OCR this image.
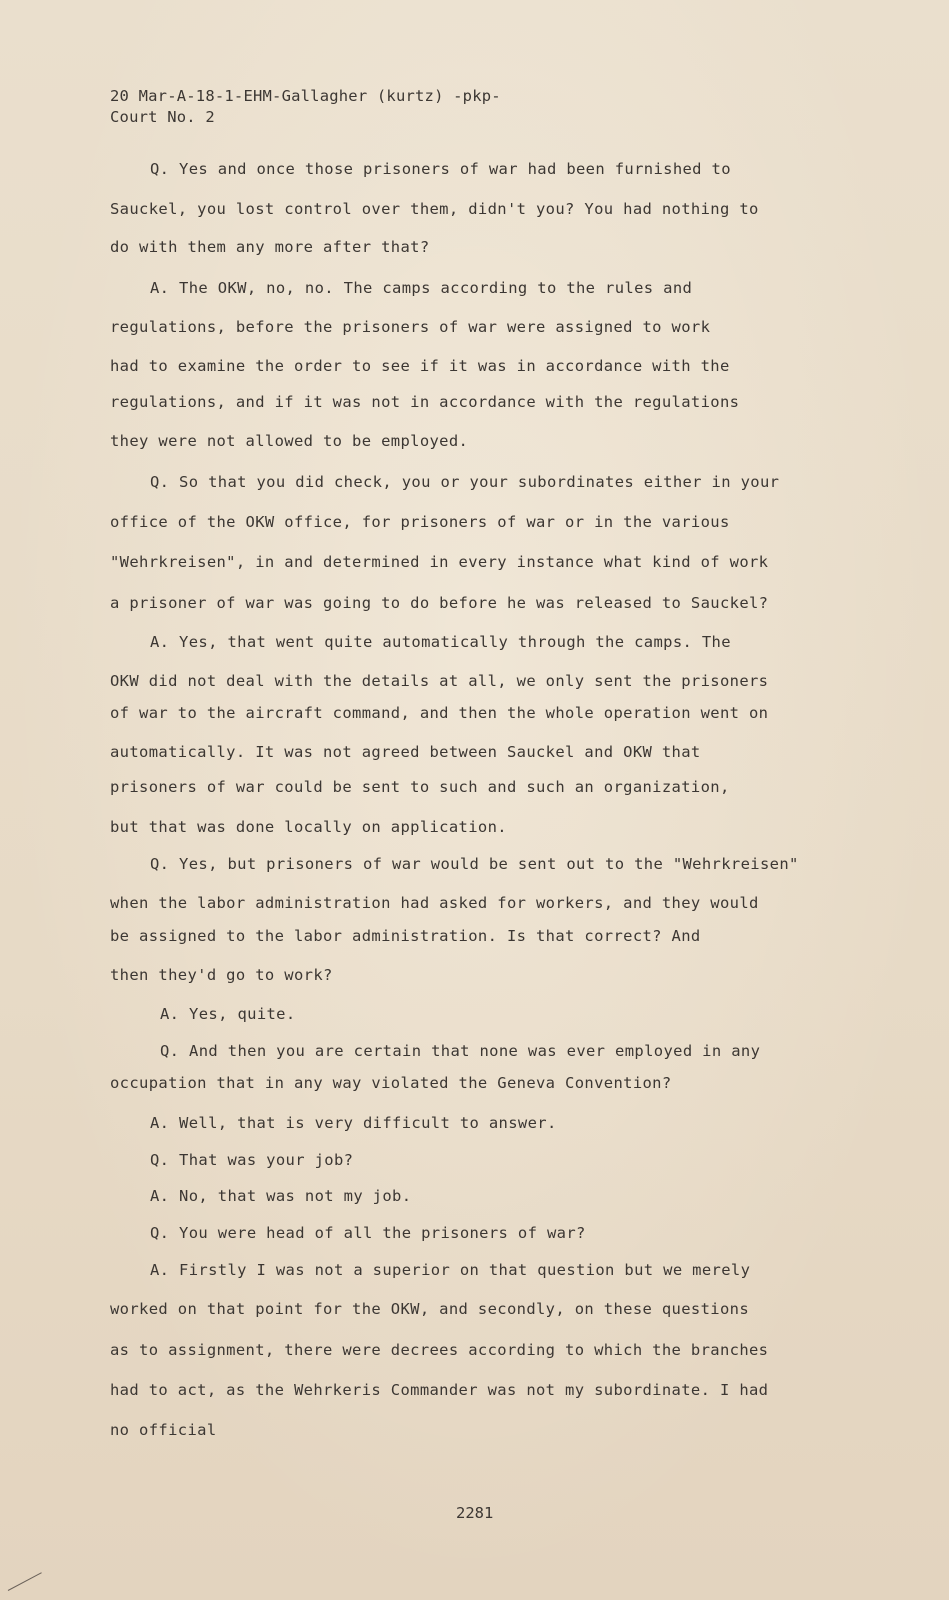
20 Mar-A-18-1-EHM-Gallagher (kurtz) -pkp-
Court No. 2
Q. Yes and once those prisoners of war had been furnished to
Sauckel, you lost control over them, didn't you? You had nothing to
do with them any more after that?
A. The OKW, no, no. The camps according to the rules and
regulations, before the prisoners of war were assigned to work
had to examine the order to see if it was in accordance with the
regulations, and if it was not in accordance with the regulations
they were not allowed to be employed.
Q. So that you did check, you or your subordinates either in your
office of the OKW office, for prisoners of war or in the various
"Wehrkreisen", in and determined in every instance what kind of work
a prisoner of war was going to do before he was released to Sauckel?
A. Yes, that went quite automatically through the camps. The
OKW did not deal with the details at all, we only sent the prisoners
of war to the aircraft command, and then the whole operation went on
automatically. It was not agreed between Sauckel and OKW that
prisoners of war could be sent to such and such an organization,
but that was done locally on application.
Q. Yes, but prisoners of war would be sent out to the "Wehrkreisen"
when the labor administration had asked for workers, and they would
be assigned to the labor administration. Is that correct? And
then they'd go to work?
A. Yes, quite.
Q. And then you are certain that none was ever employed in any
occupation that in any way violated the Geneva Convention?
A. Well, that is very difficult to answer.
Q. That was your job?
A. No, that was not my job.
Q. You were head of all the prisoners of war?
A. Firstly I was not a superior on that question but we merely
worked on that point for the OKW, and secondly, on these questions
as to assignment, there were decrees according to which the branches
had to act, as the Wehrkeris Commander was not my subordinate. I had
no official
2281
